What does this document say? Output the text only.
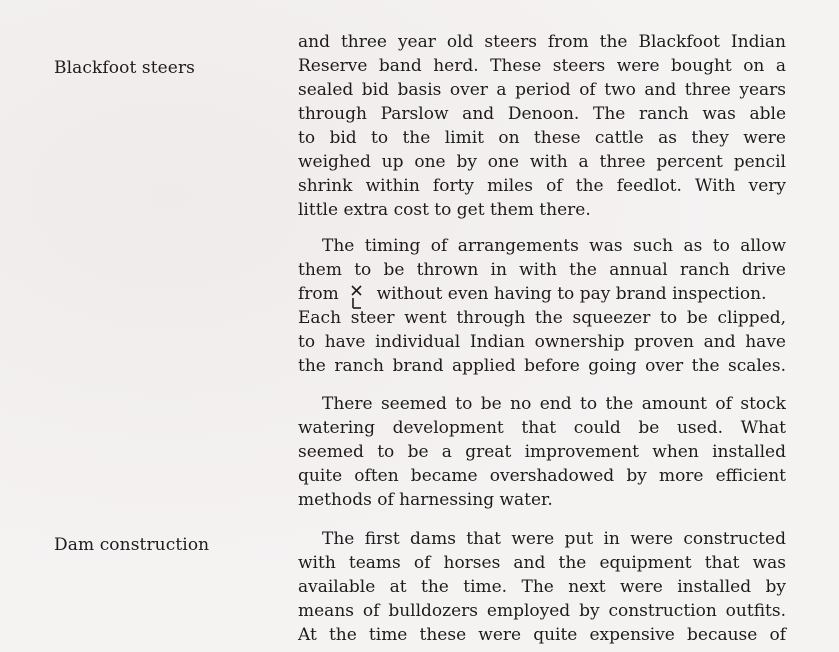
Blackfoot steers
Dam construction
and three year old steers from the Blackfoot Indian
Reserve band herd. These steers were bought on a
sealed bid basis over a period of two and three years
through Parslow and Denoon. The ranch was able
to bid to the limit on these cattle as they were
weighed up one by one with a three percent pencil
shrink within forty miles of the feedlot. With very
little extra cost to get them there.
The timing of arrangements was such as to allow
them to be thrown in with the annual ranch drive
from without even having to pay brand inspection.
Each steer went through the squeezer to be clipped,
to have individual Indian ownership proven and have
the ranch brand applied before going over the scales.
There seemed to be no end to the amount of stock
watering development that could be used. What
seemed to be a great improvement when installed
quite often became overshadowed by more efficient
methods of harnessing water.
The first dams that were put in were constructed
with teams of horses and the equipment that was
available at the time. The next were installed by
means of bulldozers employed by construction outfits.
At the time these were quite expensive because of
